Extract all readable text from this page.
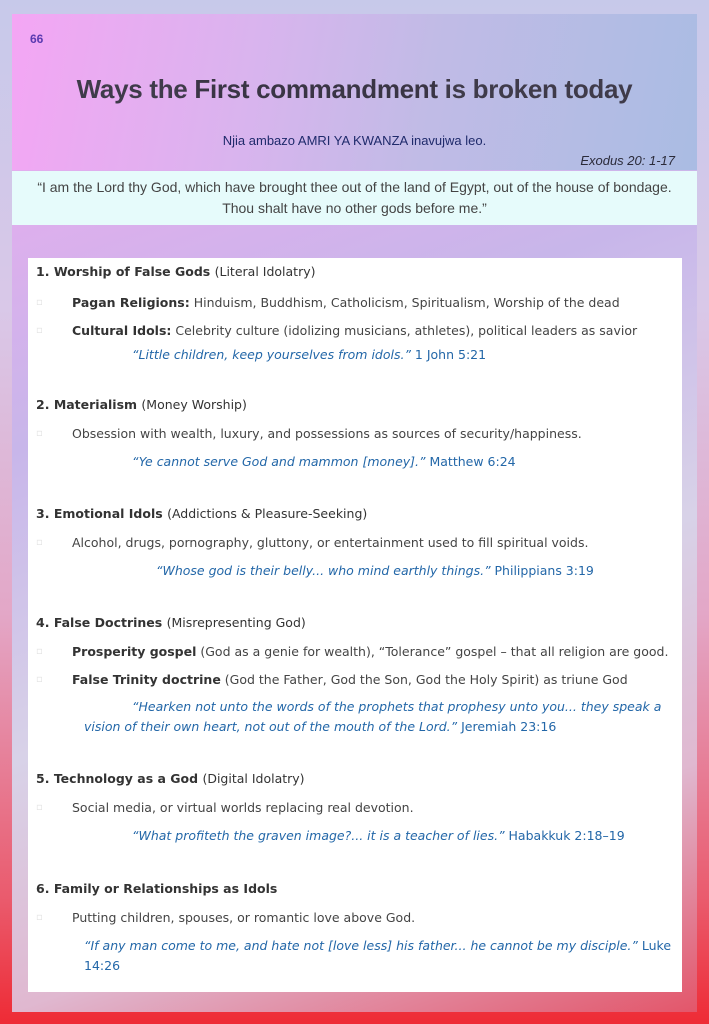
66
Ways the First commandment is broken today
Njia ambazo AMRI YA KWANZA inavujwa leo.
Exodus 20: 1-17

“I am the Lord thy God, which have brought thee out of the land of Egypt, out of the house of bondage. Thou shalt have no other gods before me.”

1. Worship of False Gods (Literal Idolatry)
▫ Pagan Religions: Hinduism, Buddhism, Catholicism, Spiritualism, Worship of the dead
▫ Cultural Idols: Celebrity culture (idolizing musicians, athletes), political leaders as savior
“Little children, keep yourselves from idols.” 1 John 5:21
2. Materialism (Money Worship)
▫ Obsession with wealth, luxury, and possessions as sources of security/happiness.
“Ye cannot serve God and mammon [money].” Matthew 6:24
3. Emotional Idols (Addictions & Pleasure-Seeking)
▫ Alcohol, drugs, pornography, gluttony, or entertainment used to fill spiritual voids.
“Whose god is their belly... who mind earthly things.” Philippians 3:19
4. False Doctrines (Misrepresenting God)
▫ Prosperity gospel (God as a genie for wealth), “Tolerance” gospel – that all religion are good.
▫ False Trinity doctrine (God the Father, God the Son, God the Holy Spirit) as triune God
“Hearken not unto the words of the prophets that prophesy unto you... they speak a vision of their own heart, not out of the mouth of the Lord.” Jeremiah 23:16
5. Technology as a God (Digital Idolatry)
▫ Social media, or virtual worlds replacing real devotion.
“What profiteth the graven image?... it is a teacher of lies.” Habakkuk 2:18–19
6. Family or Relationships as Idols
▫ Putting children, spouses, or romantic love above God.
“If any man come to me, and hate not [love less] his father... he cannot be my disciple.” Luke 14:26
